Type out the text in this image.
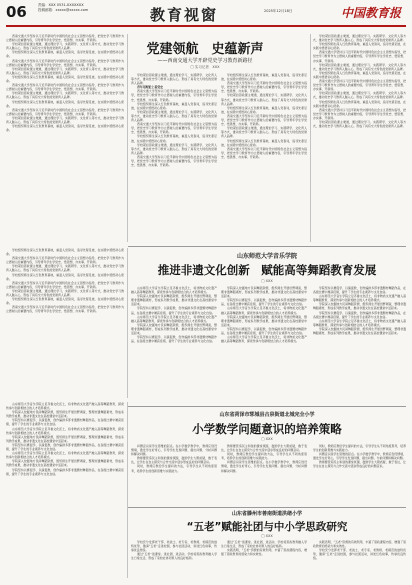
06	责编：XXX 0531-XXXXXXX
投稿邮箱：xxxxx@xxxxx.com	教育视窗	2025年12月18日	中国教育报

西南交通大学坚持以习近平新时代中国特色社会主义思想为指导，把党史学习教育作为立德树人的重要内容，引导青年学生学党史、悟思想、办实事、开新局。

学校紧扣思政课主渠道，通过理论学习、实践研学、文化育人等方式，推动党史学习教育入脑入心，形成了具有交大特色的党建育人品牌。

学校组织师生深入红色教育基地，重温入党誓词，追寻先辈足迹，在实践中感悟初心使命。

西南交通大学坚持以习近平新时代中国特色社会主义思想为指导，把党史学习教育作为立德树人的重要内容，引导青年学生学党史、悟思想、办实事、开新局。

学校紧扣思政课主渠道，通过理论学习、实践研学、文化育人等方式，推动党史学习教育入脑入心，形成了具有交大特色的党建育人品牌。

学校组织师生深入红色教育基地，重温入党誓词，追寻先辈足迹，在实践中感悟初心使命。

西南交通大学坚持以习近平新时代中国特色社会主义思想为指导，把党史学习教育作为立德树人的重要内容，引导青年学生学党史、悟思想、办实事、开新局。

学校紧扣思政课主渠道，通过理论学习、实践研学、文化育人等方式，推动党史学习教育入脑入心，形成了具有交大特色的党建育人品牌。

学校组织师生深入红色教育基地，重温入党誓词，追寻先辈足迹，在实践中感悟初心使命。

西南交通大学坚持以习近平新时代中国特色社会主义思想为指导，把党史学习教育作为立德树人的重要内容，引导青年学生学党史、悟思想、办实事、开新局。

学校紧扣思政课主渠道，通过理论学习、实践研学、文化育人等方式，推动党史学习教育入脑入心，形成了具有交大特色的党建育人品牌。

学校组织师生深入红色教育基地，重温入党誓词，追寻先辈足迹，在实践中感悟初心使命。

党建领航　史蕴新声
——西南交通大学开辟党史学习教育新路径
□ 实习记者　XXX

学校紧扣思政课主渠道，通过理论学习、实践研学、文化育人等方式，推动党史学习教育入脑入心，形成了具有交大特色的党建育人品牌。

青年用理论上看党史

西南交通大学坚持以习近平新时代中国特色社会主义思想为指导，把党史学习教育作为立德树人的重要内容，引导青年学生学党史、悟思想、办实事、开新局。

学校组织师生深入红色教育基地，重温入党誓词，追寻先辈足迹，在实践中感悟初心使命。

学校紧扣思政课主渠道，通过理论学习、实践研学、文化育人等方式，推动党史学习教育入脑入心，形成了具有交大特色的党建育人品牌。

西南交通大学坚持以习近平新时代中国特色社会主义思想为指导，把党史学习教育作为立德树人的重要内容，引导青年学生学党史、悟思想、办实事、开新局。

学校组织师生深入红色教育基地，重温入党誓词，追寻先辈足迹，在实践中感悟初心使命。

学校紧扣思政课主渠道，通过理论学习、实践研学、文化育人等方式，推动党史学习教育入脑入心，形成了具有交大特色的党建育人品牌。

西南交通大学坚持以习近平新时代中国特色社会主义思想为指导，把党史学习教育作为立德树人的重要内容，引导青年学生学党史、悟思想、办实事、开新局。

学校组织师生深入红色教育基地，重温入党誓词，追寻先辈足迹，在实践中感悟初心使命。

西南交通大学坚持以习近平新时代中国特色社会主义思想为指导，把党史学习教育作为立德树人的重要内容，引导青年学生学党史、悟思想、办实事、开新局。

学校紧扣思政课主渠道，通过理论学习、实践研学、文化育人等方式，推动党史学习教育入脑入心，形成了具有交大特色的党建育人品牌。

学校组织师生深入红色教育基地，重温入党誓词，追寻先辈足迹，在实践中感悟初心使命。

西南交通大学坚持以习近平新时代中国特色社会主义思想为指导，把党史学习教育作为立德树人的重要内容，引导青年学生学党史、悟思想、办实事、开新局。

学校紧扣思政课主渠道，通过理论学习、实践研学、文化育人等方式，推动党史学习教育入脑入心，形成了具有交大特色的党建育人品牌。

学校组织师生深入红色教育基地，重温入党誓词，追寻先辈足迹，在实践中感悟初心使命。

西南交通大学坚持以习近平新时代中国特色社会主义思想为指导，把党史学习教育作为立德树人的重要内容，引导青年学生学党史、悟思想、办实事、开新局。

学校紧扣思政课主渠道，通过理论学习、实践研学、文化育人等方式，推动党史学习教育入脑入心，形成了具有交大特色的党建育人品牌。

学校组织师生深入红色教育基地，重温入党誓词，追寻先辈足迹，在实践中感悟初心使命。

西南交通大学坚持以习近平新时代中国特色社会主义思想为指导，把党史学习教育作为立德树人的重要内容，引导青年学生学党史、悟思想、办实事、开新局。

学校紧扣思政课主渠道，通过理论学习、实践研学、文化育人等方式，推动党史学习教育入脑入心，形成了具有交大特色的党建育人品牌。

学校组织师生深入红色教育基地，重温入党誓词，追寻先辈足迹，在实践中感悟初心使命。

西南交通大学坚持以习近平新时代中国特色社会主义思想为指导，把党史学习教育作为立德树人的重要内容，引导青年学生学党史、悟思想、办实事、开新局。

学校紧扣思政课主渠道，通过理论学习、实践研学、文化育人等方式，推动党史学习教育入脑入心，形成了具有交大特色的党建育人品牌。

学校组织师生深入红色教育基地，重温入党誓词，追寻先辈足迹，在实践中感悟初心使命。

西南交通大学坚持以习近平新时代中国特色社会主义思想为指导，把党史学习教育作为立德树人的重要内容，引导青年学生学党史、悟思想、办实事、开新局。

学校紧扣思政课主渠道，通过理论学习、实践研学、文化育人等方式，推动党史学习教育入脑入心，形成了具有交大特色的党建育人品牌。

山东师范大学音乐学院
推进非遗文化创新　赋能高等舞蹈教育发展
□ XXX

学校组织师生深入红色教育基地，重温入党誓词，追寻先辈足迹，在实践中感悟初心使命。

西南交通大学坚持以习近平新时代中国特色社会主义思想为指导，把党史学习教育作为立德树人的重要内容，引导青年学生学党史、悟思想、办实事、开新局。

学校紧扣思政课主渠道，通过理论学习、实践研学、文化育人等方式，推动党史学习教育入脑入心，形成了具有交大特色的党建育人品牌。

学校组织师生深入红色教育基地，重温入党誓词，追寻先辈足迹，在实践中感悟初心使命。

西南交通大学坚持以习近平新时代中国特色社会主义思想为指导，把党史学习教育作为立德树人的重要内容，引导青年学生学党史、悟思想、办实事、开新局。

学校紧扣思政课主渠道，通过理论学习、实践研学、文化育人等方式，推动党史学习教育入脑入心，形成了具有交大特色的党建育人品牌。

学校组织师生深入红色教育基地，重温入党誓词，追寻先辈足迹，在实践中感悟初心使命。

西南交通大学坚持以习近平新时代中国特色社会主义思想为指导，把党史学习教育作为立德树人的重要内容，引导青年学生学党史、悟思想、办实事、开新局。

山东师范大学音乐学院立足齐鲁文化沃土，将非物质文化遗产融入高等舞蹈教育，探索传承与创新相结合的人才培养模式。

学院深入挖掘地方民间舞蹈资源，组织师生开展田野调查，整理非遗舞蹈素材，形成系列教学成果，推动非遗文化在高校课堂中活起来。

学院坚持以赛促学、以演促教，创作编排多部非遗题材舞蹈作品，在各级比赛中屡获佳绩，提升了学生的专业素养与文化自信。

山东师范大学音乐学院立足齐鲁文化沃土，将非物质文化遗产融入高等舞蹈教育，探索传承与创新相结合的人才培养模式。

学院深入挖掘地方民间舞蹈资源，组织师生开展田野调查，整理非遗舞蹈素材，形成系列教学成果，推动非遗文化在高校课堂中活起来。

学院坚持以赛促学、以演促教，创作编排多部非遗题材舞蹈作品，在各级比赛中屡获佳绩，提升了学生的专业素养与文化自信。

学院深入挖掘地方民间舞蹈资源，组织师生开展田野调查，整理非遗舞蹈素材，形成系列教学成果，推动非遗文化在高校课堂中活起来。

学院坚持以赛促学、以演促教，创作编排多部非遗题材舞蹈作品，在各级比赛中屡获佳绩，提升了学生的专业素养与文化自信。

山东师范大学音乐学院立足齐鲁文化沃土，将非物质文化遗产融入高等舞蹈教育，探索传承与创新相结合的人才培养模式。

学院深入挖掘地方民间舞蹈资源，组织师生开展田野调查，整理非遗舞蹈素材，形成系列教学成果，推动非遗文化在高校课堂中活起来。

学院坚持以赛促学、以演促教，创作编排多部非遗题材舞蹈作品，在各级比赛中屡获佳绩，提升了学生的专业素养与文化自信。

山东师范大学音乐学院立足齐鲁文化沃土，将非物质文化遗产融入高等舞蹈教育，探索传承与创新相结合的人才培养模式。

学院坚持以赛促学、以演促教，创作编排多部非遗题材舞蹈作品，在各级比赛中屡获佳绩，提升了学生的专业素养与文化自信。

山东师范大学音乐学院立足齐鲁文化沃土，将非物质文化遗产融入高等舞蹈教育，探索传承与创新相结合的人才培养模式。

学院深入挖掘地方民间舞蹈资源，组织师生开展田野调查，整理非遗舞蹈素材，形成系列教学成果，推动非遗文化在高校课堂中活起来。

学院坚持以赛促学、以演促教，创作编排多部非遗题材舞蹈作品，在各级比赛中屡获佳绩，提升了学生的专业素养与文化自信。

山东师范大学音乐学院立足齐鲁文化沃土，将非物质文化遗产融入高等舞蹈教育，探索传承与创新相结合的人才培养模式。

学院深入挖掘地方民间舞蹈资源，组织师生开展田野调查，整理非遗舞蹈素材，形成系列教学成果，推动非遗文化在高校课堂中活起来。

山东省菏泽市郓城县古泉街道北城完全小学
小学数学问题意识的培养策略
□ XXX

山东师范大学音乐学院立足齐鲁文化沃土，将非物质文化遗产融入高等舞蹈教育，探索传承与创新相结合的人才培养模式。

学院深入挖掘地方民间舞蹈资源，组织师生开展田野调查，整理非遗舞蹈素材，形成系列教学成果，推动非遗文化在高校课堂中活起来。

学院坚持以赛促学、以演促教，创作编排多部非遗题材舞蹈作品，在各级比赛中屡获佳绩，提升了学生的专业素养与文化自信。

山东师范大学音乐学院立足齐鲁文化沃土，将非物质文化遗产融入高等舞蹈教育，探索传承与创新相结合的人才培养模式。

学院深入挖掘地方民间舞蹈资源，组织师生开展田野调查，整理非遗舞蹈素材，形成系列教学成果，推动非遗文化在高校课堂中活起来。

学院坚持以赛促学、以演促教，创作编排多部非遗题材舞蹈作品，在各级比赛中屡获佳绩，提升了学生的专业素养与文化自信。

山东师范大学音乐学院立足齐鲁文化沃土，将非物质文化遗产融入高等舞蹈教育，探索传承与创新相结合的人才培养模式。

学院深入挖掘地方民间舞蹈资源，组织师生开展田野调查，整理非遗舞蹈素材，形成系列教学成果，推动非遗文化在高校课堂中活起来。

学院坚持以赛促学、以演促教，创作编排多部非遗题材舞蹈作品，在各级比赛中屡获佳绩，提升了学生的专业素养与文化自信。

问题意识是学生思维的起点。在小学数学教学中，教师应创设情境，激发学生好奇心，引导学生发现问题、提出问题、分析问题和解决问题。

教师要营造民主和谐的课堂氛围，鼓励学生大胆质疑，敢于表达，让学生在自主探究与合作交流中逐步形成良好的问题意识。

同时，教师应教给学生提问的方法，引导学生从不同角度思考，培养学生的创新思维与实践能力。

教师要营造民主和谐的课堂氛围，鼓励学生大胆质疑，敢于表达，让学生在自主探究与合作交流中逐步形成良好的问题意识。

同时，教师应教给学生提问的方法，引导学生从不同角度思考，培养学生的创新思维与实践能力。

问题意识是学生思维的起点。在小学数学教学中，教师应创设情境，激发学生好奇心，引导学生发现问题、提出问题、分析问题和解决问题。

同时，教师应教给学生提问的方法，引导学生从不同角度思考，培养学生的创新思维与实践能力。

问题意识是学生思维的起点。在小学数学教学中，教师应创设情境，激发学生好奇心，引导学生发现问题、提出问题、分析问题和解决问题。

教师要营造民主和谐的课堂氛围，鼓励学生大胆质疑，敢于表达，让学生在自主探究与合作交流中逐步形成良好的问题意识。

山东省滕州市善南街道洪绪小学
“五老”赋能社团与中小学思政研究
□ XXX

学校充分发挥老干部、老战士、老专家、老教师、老模范的独特优势，邀请“五老”走进校园，参与社团活动，讲述红色故事，传承优良传统。

通过“五老”进课堂、进社团、进活动，学校将思政教育融入学生日常生活，形成了家校社协同育人的良好格局。

通过“五老”进课堂、进社团、进活动，学校将思政教育融入学生日常生活，形成了家校社协同育人的良好格局。

实践表明，“五老”资源的有效利用，丰富了思政课程内容，增强了思政教育的感染力和实效性。

实践表明，“五老”资源的有效利用，丰富了思政课程内容，增强了思政教育的感染力和实效性。

学校充分发挥老干部、老战士、老专家、老教师、老模范的独特优势，邀请“五老”走进校园，参与社团活动，讲述红色故事，传承优良传统。
